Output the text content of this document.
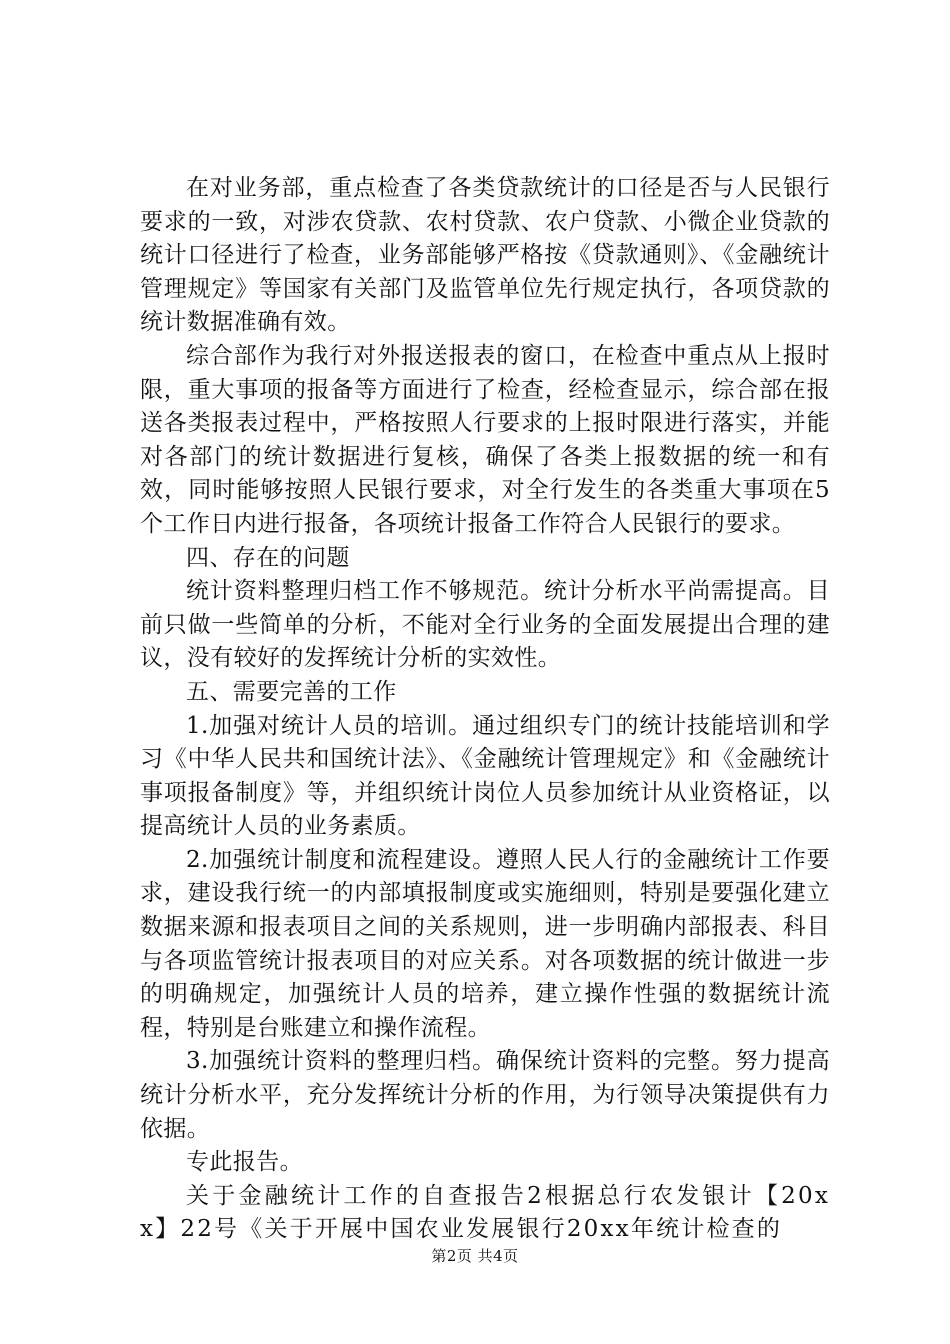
在对业务部，重点检查了各类贷款统计的口径是否与人民银行要求的一致，对涉农贷款、农村贷款、农户贷款、小微企业贷款的统计口径进行了检查，业务部能够严格按《贷款通则》、《金融统计管理规定》等国家有关部门及监管单位先行规定执行，各项贷款的统计数据准确有效。

综合部作为我行对外报送报表的窗口，在检查中重点从上报时限，重大事项的报备等方面进行了检查，经检查显示，综合部在报送各类报表过程中，严格按照人行要求的上报时限进行落实，并能对各部门的统计数据进行复核，确保了各类上报数据的统一和有效，同时能够按照人民银行要求，对全行发生的各类重大事项在5个工作日内进行报备，各项统计报备工作符合人民银行的要求。

四、存在的问题

统计资料整理归档工作不够规范。统计分析水平尚需提高。目前只做一些简单的分析，不能对全行业务的全面发展提出合理的建议，没有较好的发挥统计分析的实效性。

五、需要完善的工作

1.加强对统计人员的培训。通过组织专门的统计技能培训和学习《中华人民共和国统计法》、《金融统计管理规定》和《金融统计事项报备制度》等，并组织统计岗位人员参加统计从业资格证，以提高统计人员的业务素质。

2.加强统计制度和流程建设。遵照人民人行的金融统计工作要求，建设我行统一的内部填报制度或实施细则，特别是要强化建立数据来源和报表项目之间的关系规则，进一步明确内部报表、科目与各项监管统计报表项目的对应关系。对各项数据的统计做进一步的明确规定，加强统计人员的培养，建立操作性强的数据统计流程，特别是台账建立和操作流程。

3.加强统计资料的整理归档。确保统计资料的完整。努力提高统计分析水平，充分发挥统计分析的作用，为行领导决策提供有力依据。

专此报告。

关于金融统计工作的自查报告2根据总行农发银计【20xx】22号《关于开展中国农业发展银行20xx年统计检查的

第2页 共4页
